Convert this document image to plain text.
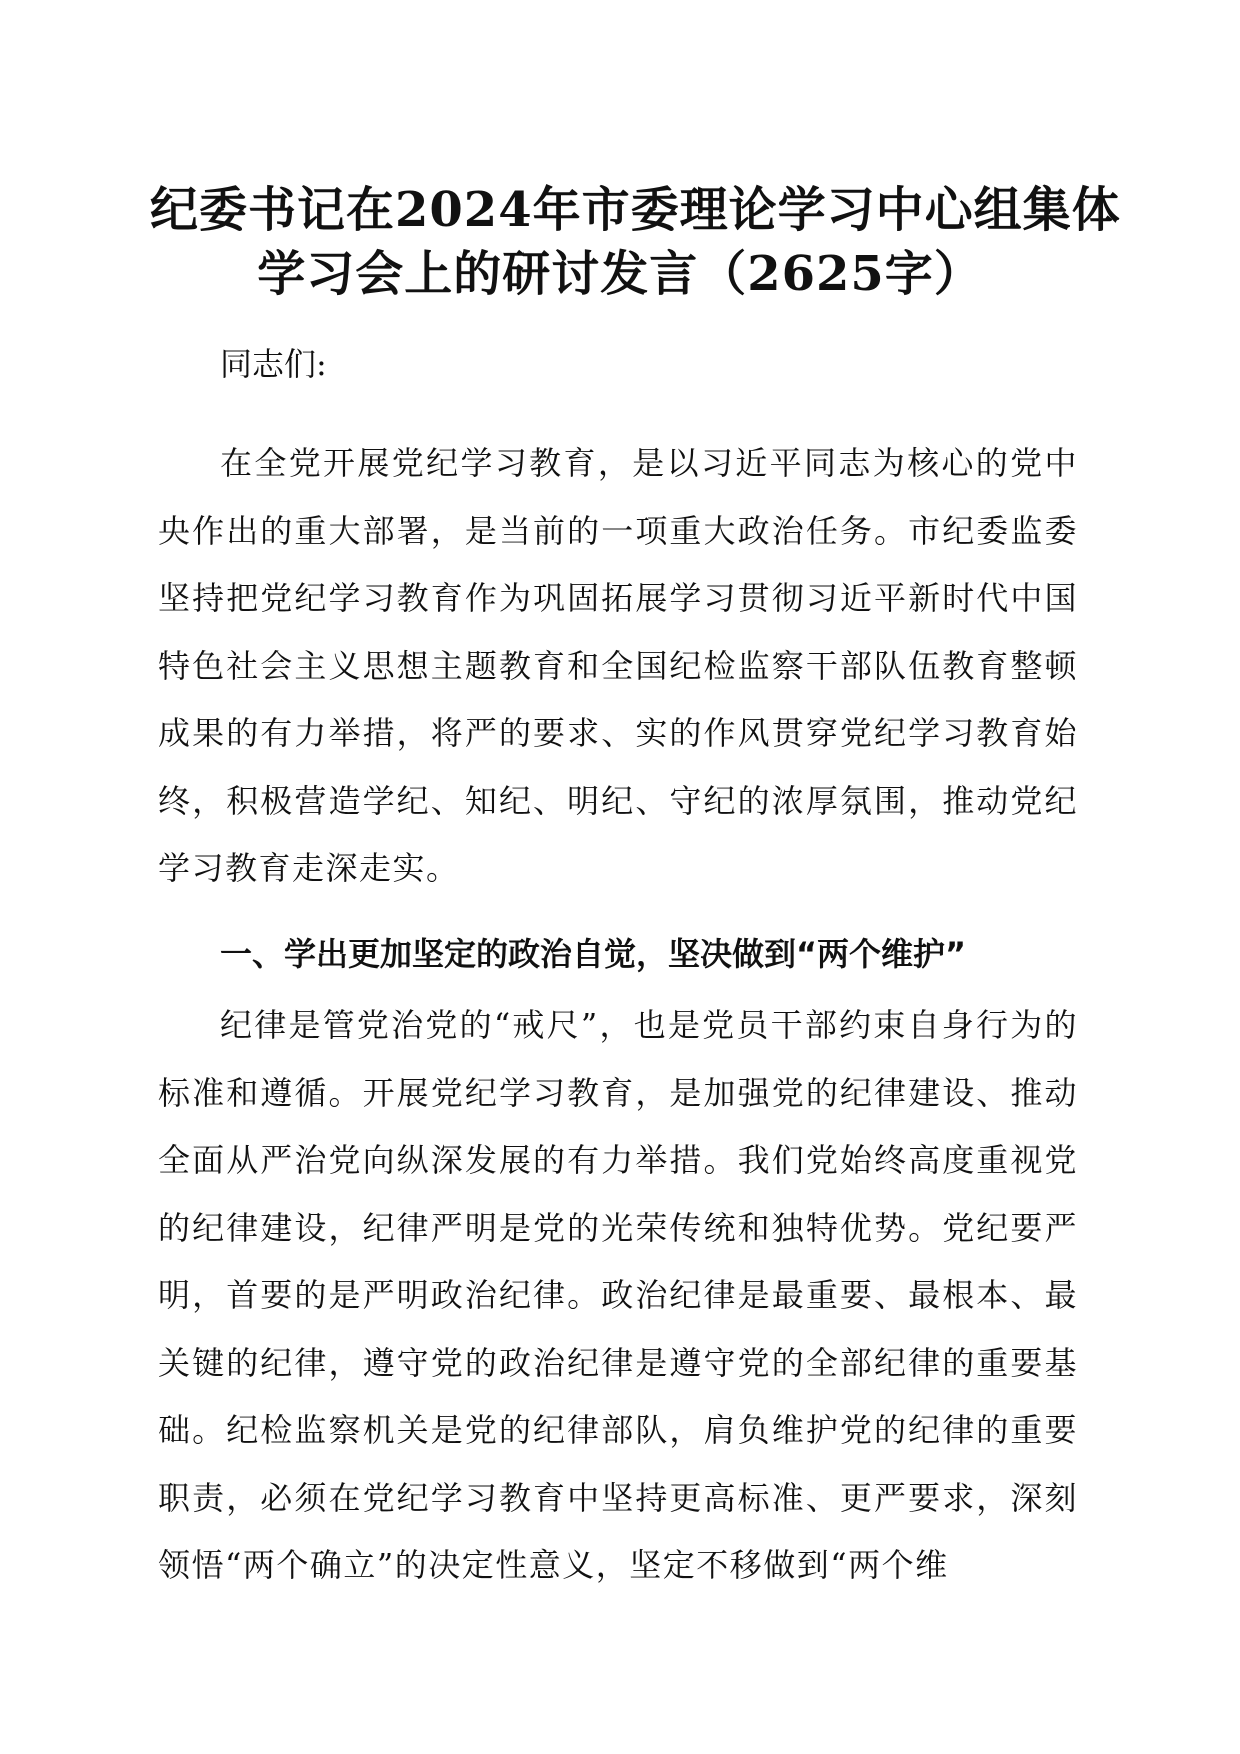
纪委书记在2024年市委理论学习中心组集体
学习会上的研讨发言（2625字）
同志们:

在全党开展党纪学习教育，是以习近平同志为核心的党中央作出的重大部署，是当前的一项重大政治任务。市纪委监委坚持把党纪学习教育作为巩固拓展学习贯彻习近平新时代中国特色社会主义思想主题教育和全国纪检监察干部队伍教育整顿成果的有力举措，将严的要求、实的作风贯穿党纪学习教育始终，积极营造学纪、知纪、明纪、守纪的浓厚氛围，推动党纪学习教育走深走实。

一、学出更加坚定的政治自觉，坚决做到“两个维护”

纪律是管党治党的“戒尺”，也是党员干部约束自身行为的标准和遵循。开展党纪学习教育，是加强党的纪律建设、推动全面从严治党向纵深发展的有力举措。我们党始终高度重视党的纪律建设，纪律严明是党的光荣传统和独特优势。党纪要严明，首要的是严明政治纪律。政治纪律是最重要、最根本、最关键的纪律，遵守党的政治纪律是遵守党的全部纪律的重要基础。纪检监察机关是党的纪律部队，肩负维护党的纪律的重要职责，必须在党纪学习教育中坚持更高标准、更严要求，深刻领悟“两个确立”的决定性意义，坚定不移做到“两个维
